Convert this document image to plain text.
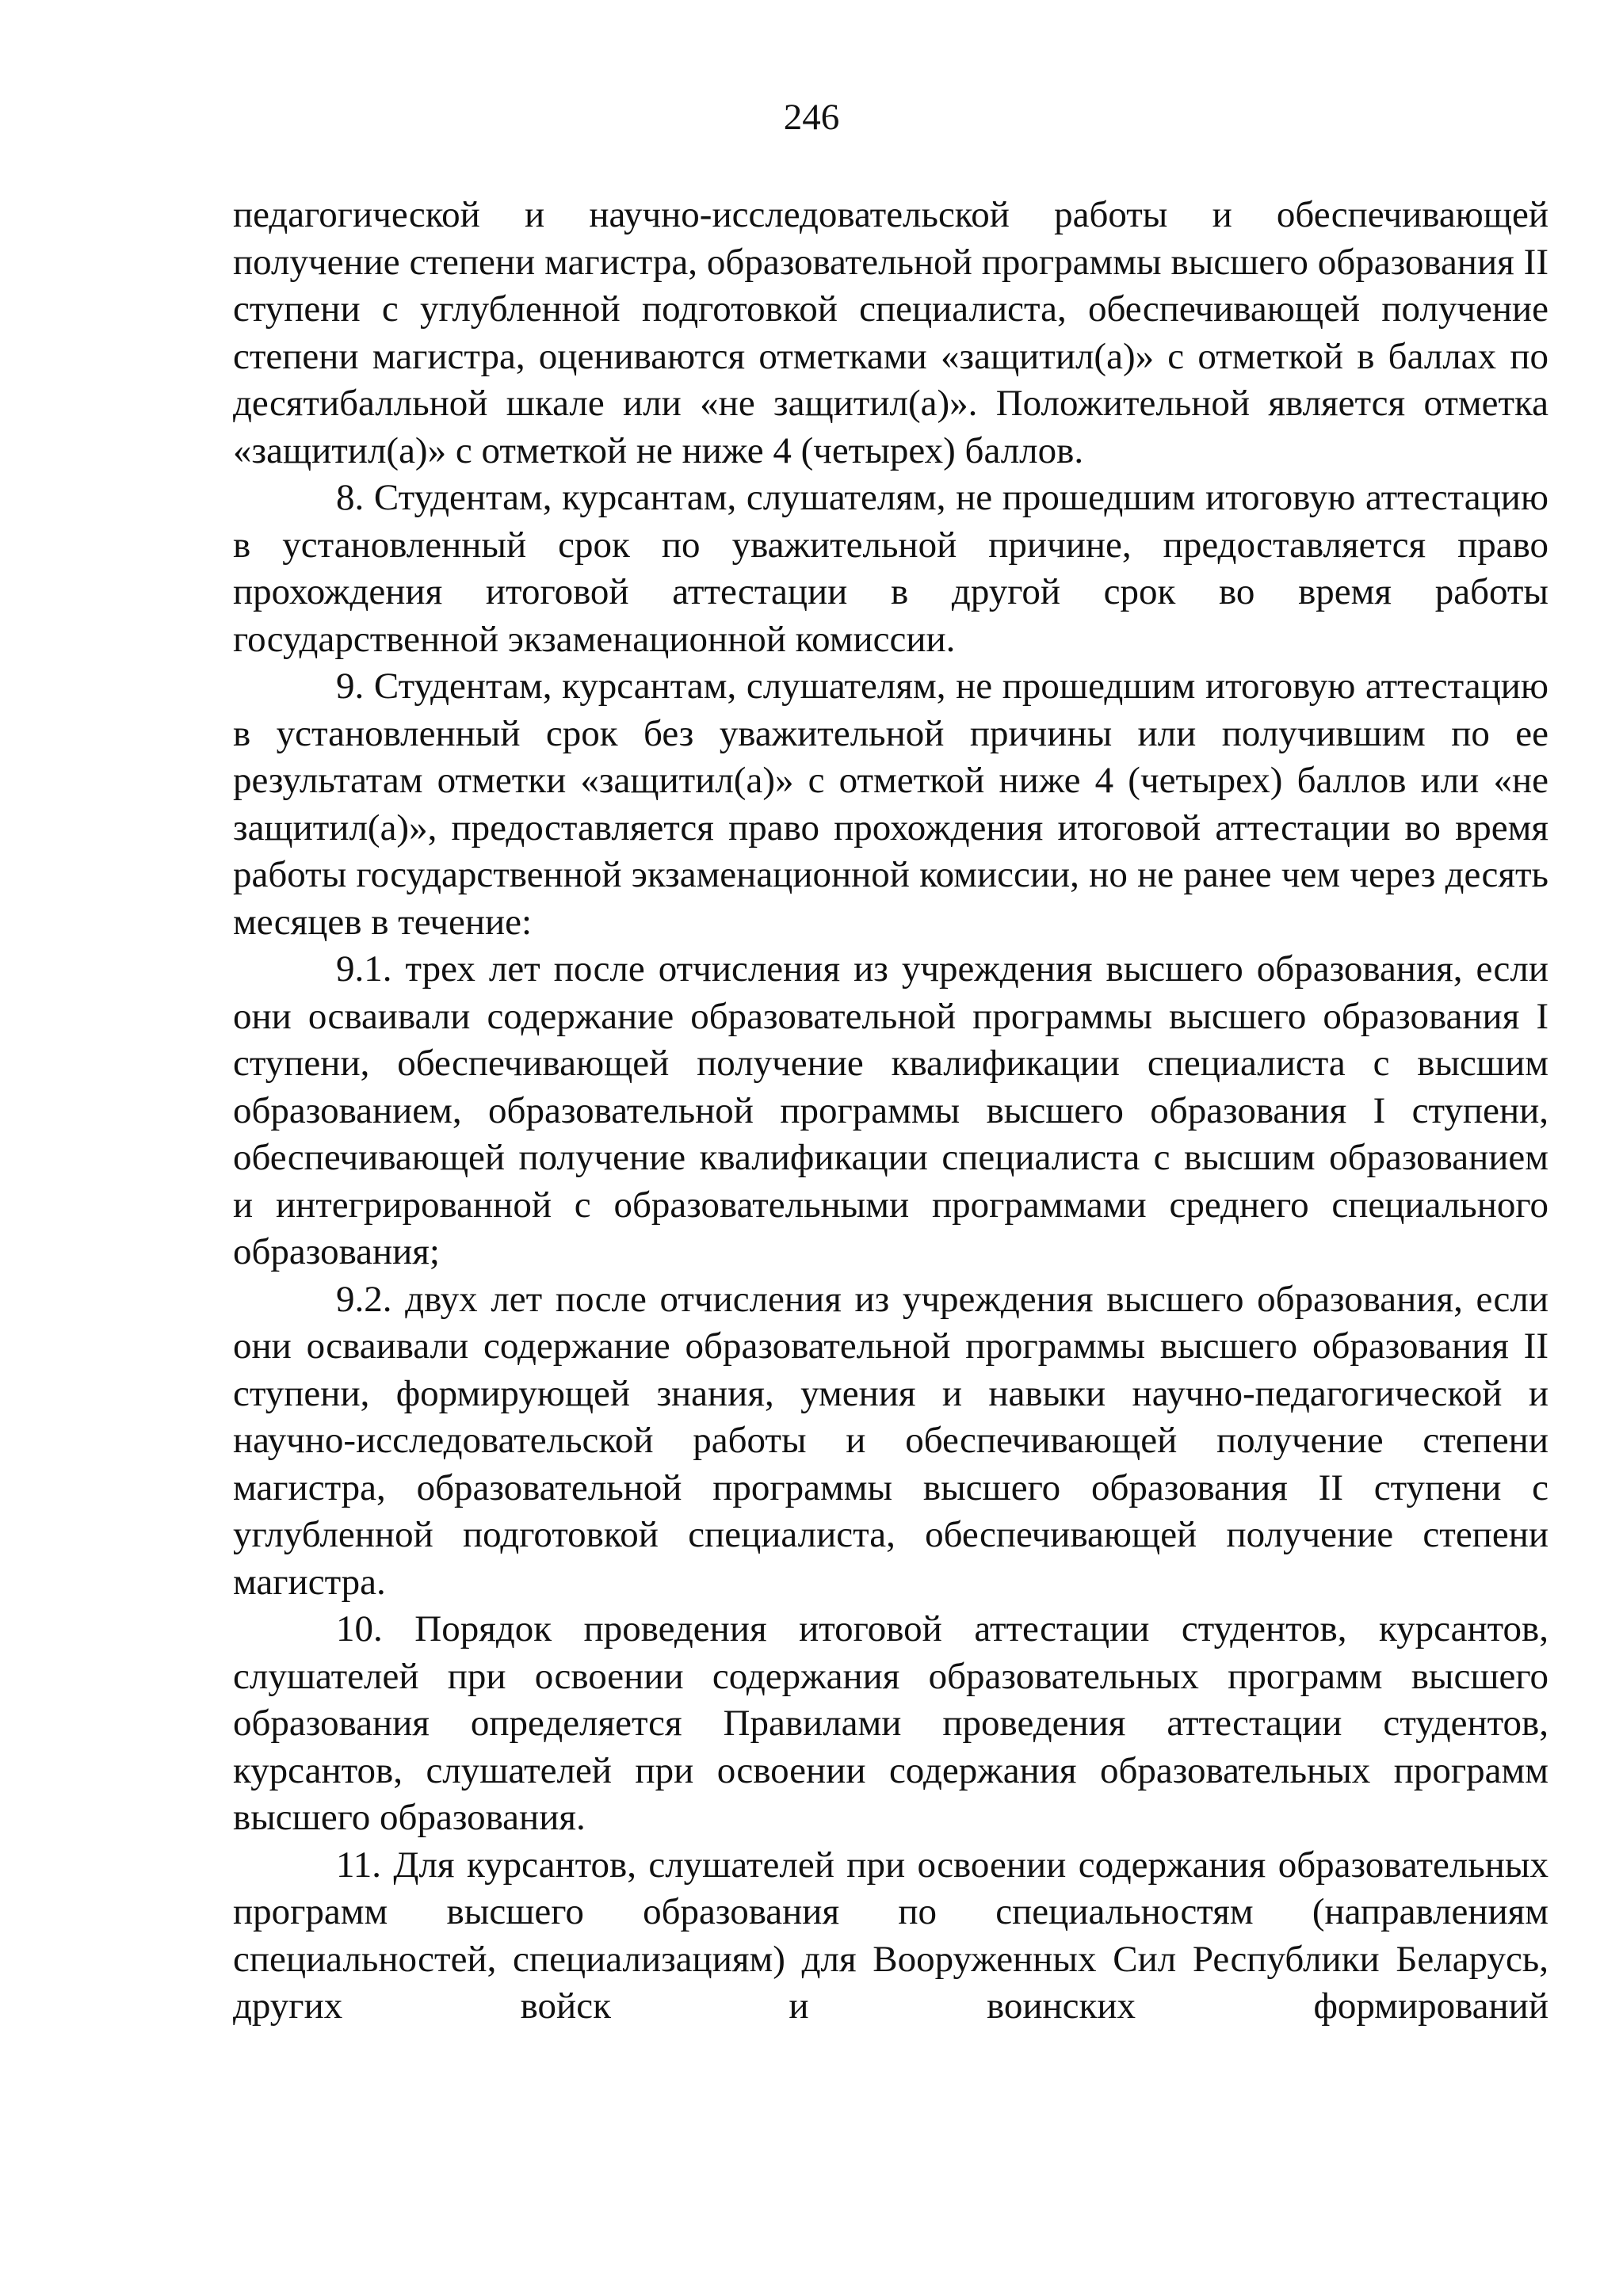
246

педагогической и научно-исследовательской работы и обеспечивающей получение степени магистра, образовательной программы высшего образования II ступени с углубленной подготовкой специалиста, обеспечивающей получение степени магистра, оцениваются отметками «защитил(а)» с отметкой в баллах по десятибалльной шкале или «не защитил(а)». Положительной является отметка «защитил(а)» с отметкой не ниже 4 (четырех) баллов.

8. Студентам, курсантам, слушателям, не прошедшим итоговую аттестацию в установленный срок по уважительной причине, предоставляется право прохождения итоговой аттестации в другой срок во время работы государственной экзаменационной комиссии.

9. Студентам, курсантам, слушателям, не прошедшим итоговую аттестацию в установленный срок без уважительной причины или получившим по ее результатам отметки «защитил(а)» с отметкой ниже 4 (четырех) баллов или «не защитил(а)», предоставляется право прохождения итоговой аттестации во время работы государственной экзаменационной комиссии, но не ранее чем через десять месяцев в течение:

9.1. трех лет после отчисления из учреждения высшего образования, если они осваивали содержание образовательной программы высшего образования I ступени, обеспечивающей получение квалификации специалиста с высшим образованием, образовательной программы высшего образования I ступени, обеспечивающей получение квалификации специалиста с высшим образованием и интегрированной с образовательными программами среднего специального образования;

9.2. двух лет после отчисления из учреждения высшего образования, если они осваивали содержание образовательной программы высшего образования II ступени, формирующей знания, умения и навыки научно-педагогической и научно-исследовательской работы и обеспечивающей получение степени магистра, образовательной программы высшего образования II ступени с углубленной подготовкой специалиста, обеспечивающей получение степени магистра.

10. Порядок проведения итоговой аттестации студентов, курсантов, слушателей при освоении содержания образовательных программ высшего образования определяется Правилами проведения аттестации студентов, курсантов, слушателей при освоении содержания образовательных программ высшего образования.

11. Для курсантов, слушателей при освоении содержания образовательных программ высшего образования по специальностям (направлениям специальностей, специализациям) для Вооруженных Сил Республики Беларусь, других войск и воинских формирований
